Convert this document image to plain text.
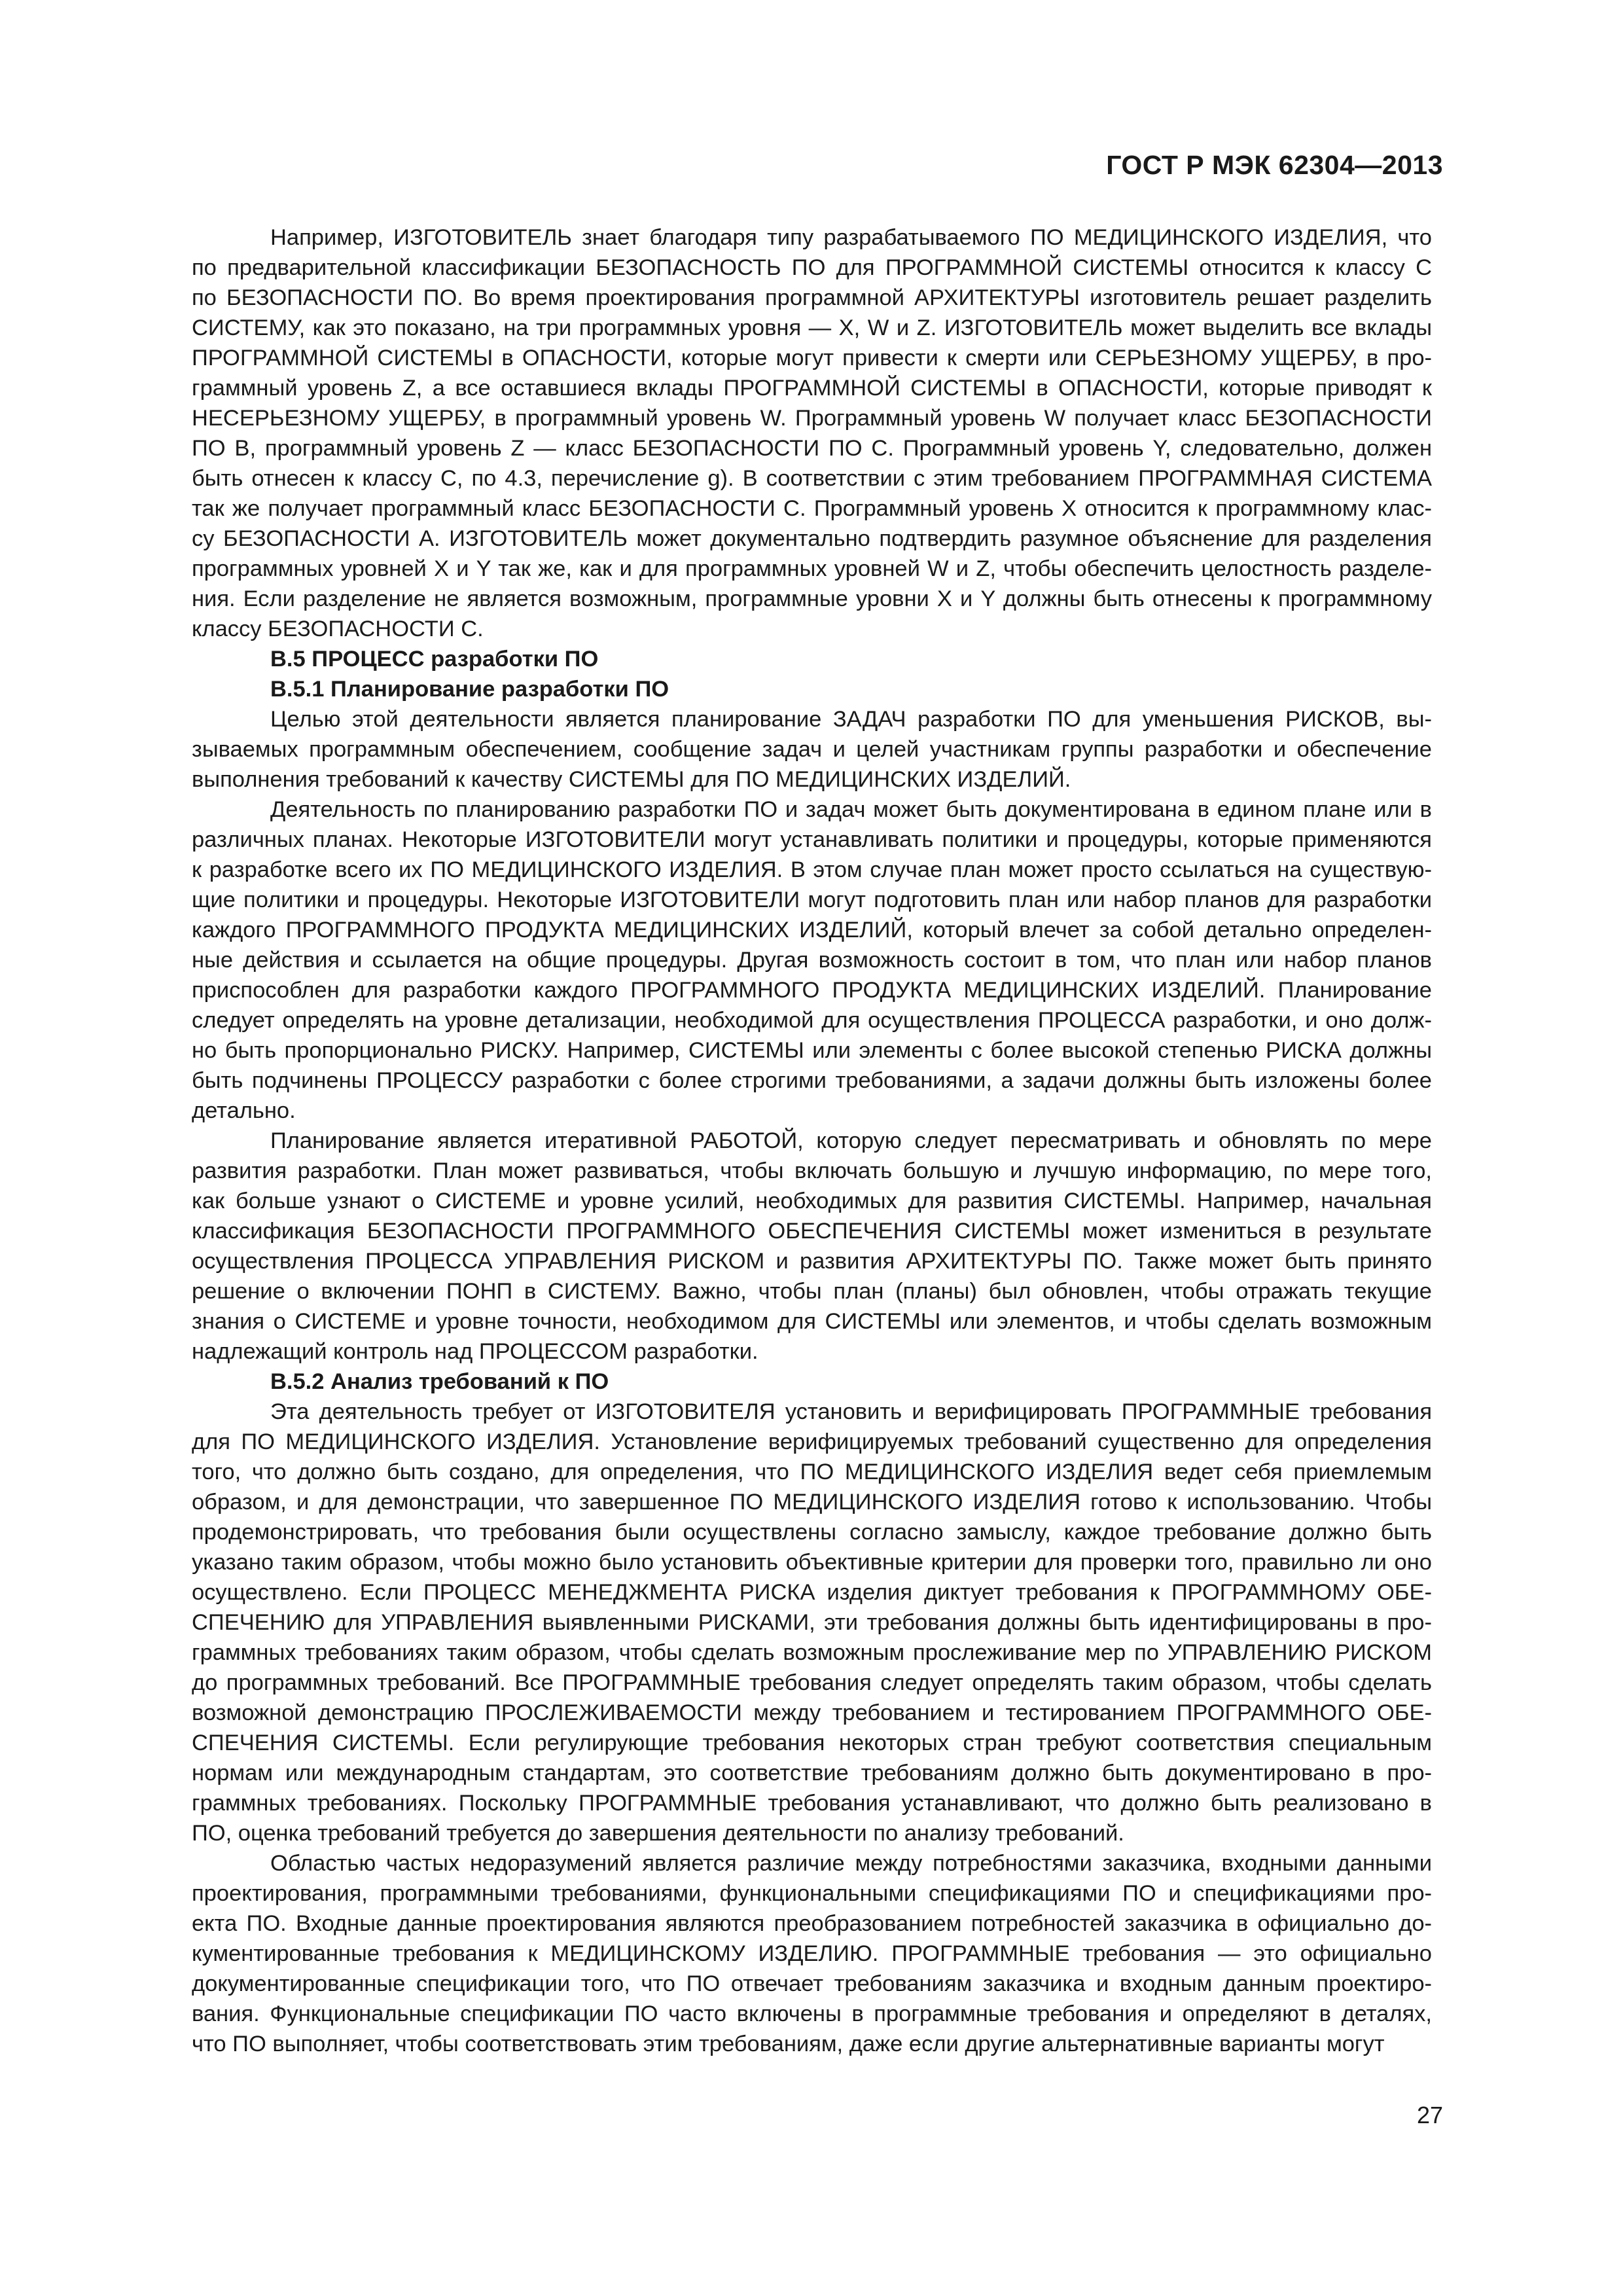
ГОСТ Р МЭК 62304—2013
Например, ИЗГОТОВИТЕЛЬ знает благодаря типу разрабатываемого ПО МЕДИЦИНСКОГО ИЗДЕЛИЯ, что
по предварительной классификации БЕЗОПАСНОСТЬ ПО для ПРОГРАММНОЙ СИСТЕМЫ относится к классу С
по БЕЗОПАСНОСТИ ПО. Во время проектирования программной АРХИТЕКТУРЫ изготовитель решает разделить
СИСТЕМУ, как это показано, на три программных уровня — X, W и Z. ИЗГОТОВИТЕЛЬ может выделить все вклады
ПРОГРАММНОЙ СИСТЕМЫ в ОПАСНОСТИ, которые могут привести к смерти или СЕРЬЕЗНОМУ УЩЕРБУ, в про-
граммный уровень Z, а все оставшиеся вклады ПРОГРАММНОЙ СИСТЕМЫ в ОПАСНОСТИ, которые приводят к
НЕСЕРЬЕЗНОМУ УЩЕРБУ, в программный уровень W. Программный уровень W получает класс БЕЗОПАСНОСТИ
ПО В, программный уровень Z — класс БЕЗОПАСНОСТИ ПО С. Программный уровень Y, следовательно, должен
быть отнесен к классу С, по 4.3, перечисление g). В соответствии с этим требованием ПРОГРАММНАЯ СИСТЕМА
так же получает программный класс БЕЗОПАСНОСТИ С. Программный уровень X относится к программному клас-
су БЕЗОПАСНОСТИ А. ИЗГОТОВИТЕЛЬ может документально подтвердить разумное объяснение для разделения
программных уровней X и Y так же, как и для программных уровней W и Z, чтобы обеспечить целостность разделе-
ния. Если разделение не является возможным, программные уровни X и Y должны быть отнесены к программному
классу БЕЗОПАСНОСТИ С.
В.5 ПРОЦЕСС разработки ПО
В.5.1 Планирование разработки ПО
Целью этой деятельности является планирование ЗАДАЧ разработки ПО для уменьшения РИСКОВ, вы-
зываемых программным обеспечением, сообщение задач и целей участникам группы разработки и обеспечение
выполнения требований к качеству СИСТЕМЫ для ПО МЕДИЦИНСКИХ ИЗДЕЛИЙ.
Деятельность по планированию разработки ПО и задач может быть документирована в едином плане или в
различных планах. Некоторые ИЗГОТОВИТЕЛИ могут устанавливать политики и процедуры, которые применяются
к разработке всего их ПО МЕДИЦИНСКОГО ИЗДЕЛИЯ. В этом случае план может просто ссылаться на существую-
щие политики и процедуры. Некоторые ИЗГОТОВИТЕЛИ могут подготовить план или набор планов для разработки
каждого ПРОГРАММНОГО ПРОДУКТА МЕДИЦИНСКИХ ИЗДЕЛИЙ, который влечет за собой детально определен-
ные действия и ссылается на общие процедуры. Другая возможность состоит в том, что план или набор планов
приспособлен для разработки каждого ПРОГРАММНОГО ПРОДУКТА МЕДИЦИНСКИХ ИЗДЕЛИЙ. Планирование
следует определять на уровне детализации, необходимой для осуществления ПРОЦЕССА разработки, и оно долж-
но быть пропорционально РИСКУ. Например, СИСТЕМЫ или элементы с более высокой степенью РИСКА должны
быть подчинены ПРОЦЕССУ разработки с более строгими требованиями, а задачи должны быть изложены более
детально.
Планирование является итеративной РАБОТОЙ, которую следует пересматривать и обновлять по мере
развития разработки. План может развиваться, чтобы включать большую и лучшую информацию, по мере того,
как больше узнают о СИСТЕМЕ и уровне усилий, необходимых для развития СИСТЕМЫ. Например, начальная
классификация БЕЗОПАСНОСТИ ПРОГРАММНОГО ОБЕСПЕЧЕНИЯ СИСТЕМЫ может измениться в результате
осуществления ПРОЦЕССА УПРАВЛЕНИЯ РИСКОМ и развития АРХИТЕКТУРЫ ПО. Также может быть принято
решение о включении ПОНП в СИСТЕМУ. Важно, чтобы план (планы) был обновлен, чтобы отражать текущие
знания о СИСТЕМЕ и уровне точности, необходимом для СИСТЕМЫ или элементов, и чтобы сделать возможным
надлежащий контроль над ПРОЦЕССОМ разработки.
В.5.2 Анализ требований к ПО
Эта деятельность требует от ИЗГОТОВИТЕЛЯ установить и верифицировать ПРОГРАММНЫЕ требования
для ПО МЕДИЦИНСКОГО ИЗДЕЛИЯ. Установление верифицируемых требований существенно для определения
того, что должно быть создано, для определения, что ПО МЕДИЦИНСКОГО ИЗДЕЛИЯ ведет себя приемлемым
образом, и для демонстрации, что завершенное ПО МЕДИЦИНСКОГО ИЗДЕЛИЯ готово к использованию. Чтобы
продемонстрировать, что требования были осуществлены согласно замыслу, каждое требование должно быть
указано таким образом, чтобы можно было установить объективные критерии для проверки того, правильно ли оно
осуществлено. Если ПРОЦЕСС МЕНЕДЖМЕНТА РИСКА изделия диктует требования к ПРОГРАММНОМУ ОБЕ-
СПЕЧЕНИЮ для УПРАВЛЕНИЯ выявленными РИСКАМИ, эти требования должны быть идентифицированы в про-
граммных требованиях таким образом, чтобы сделать возможным прослеживание мер по УПРАВЛЕНИЮ РИСКОМ
до программных требований. Все ПРОГРАММНЫЕ требования следует определять таким образом, чтобы сделать
возможной демонстрацию ПРОСЛЕЖИВАЕМОСТИ между требованием и тестированием ПРОГРАММНОГО ОБЕ-
СПЕЧЕНИЯ СИСТЕМЫ. Если регулирующие требования некоторых стран требуют соответствия специальным
нормам или международным стандартам, это соответствие требованиям должно быть документировано в про-
граммных требованиях. Поскольку ПРОГРАММНЫЕ требования устанавливают, что должно быть реализовано в
ПО, оценка требований требуется до завершения деятельности по анализу требований.
Областью частых недоразумений является различие между потребностями заказчика, входными данными
проектирования, программными требованиями, функциональными спецификациями ПО и спецификациями про-
екта ПО. Входные данные проектирования являются преобразованием потребностей заказчика в официально до-
кументированные требования к МЕДИЦИНСКОМУ ИЗДЕЛИЮ. ПРОГРАММНЫЕ требования — это официально
документированные спецификации того, что ПО отвечает требованиям заказчика и входным данным проектиро-
вания. Функциональные спецификации ПО часто включены в программные требования и определяют в деталях,
что ПО выполняет, чтобы соответствовать этим требованиям, даже если другие альтернативные варианты могут
27
